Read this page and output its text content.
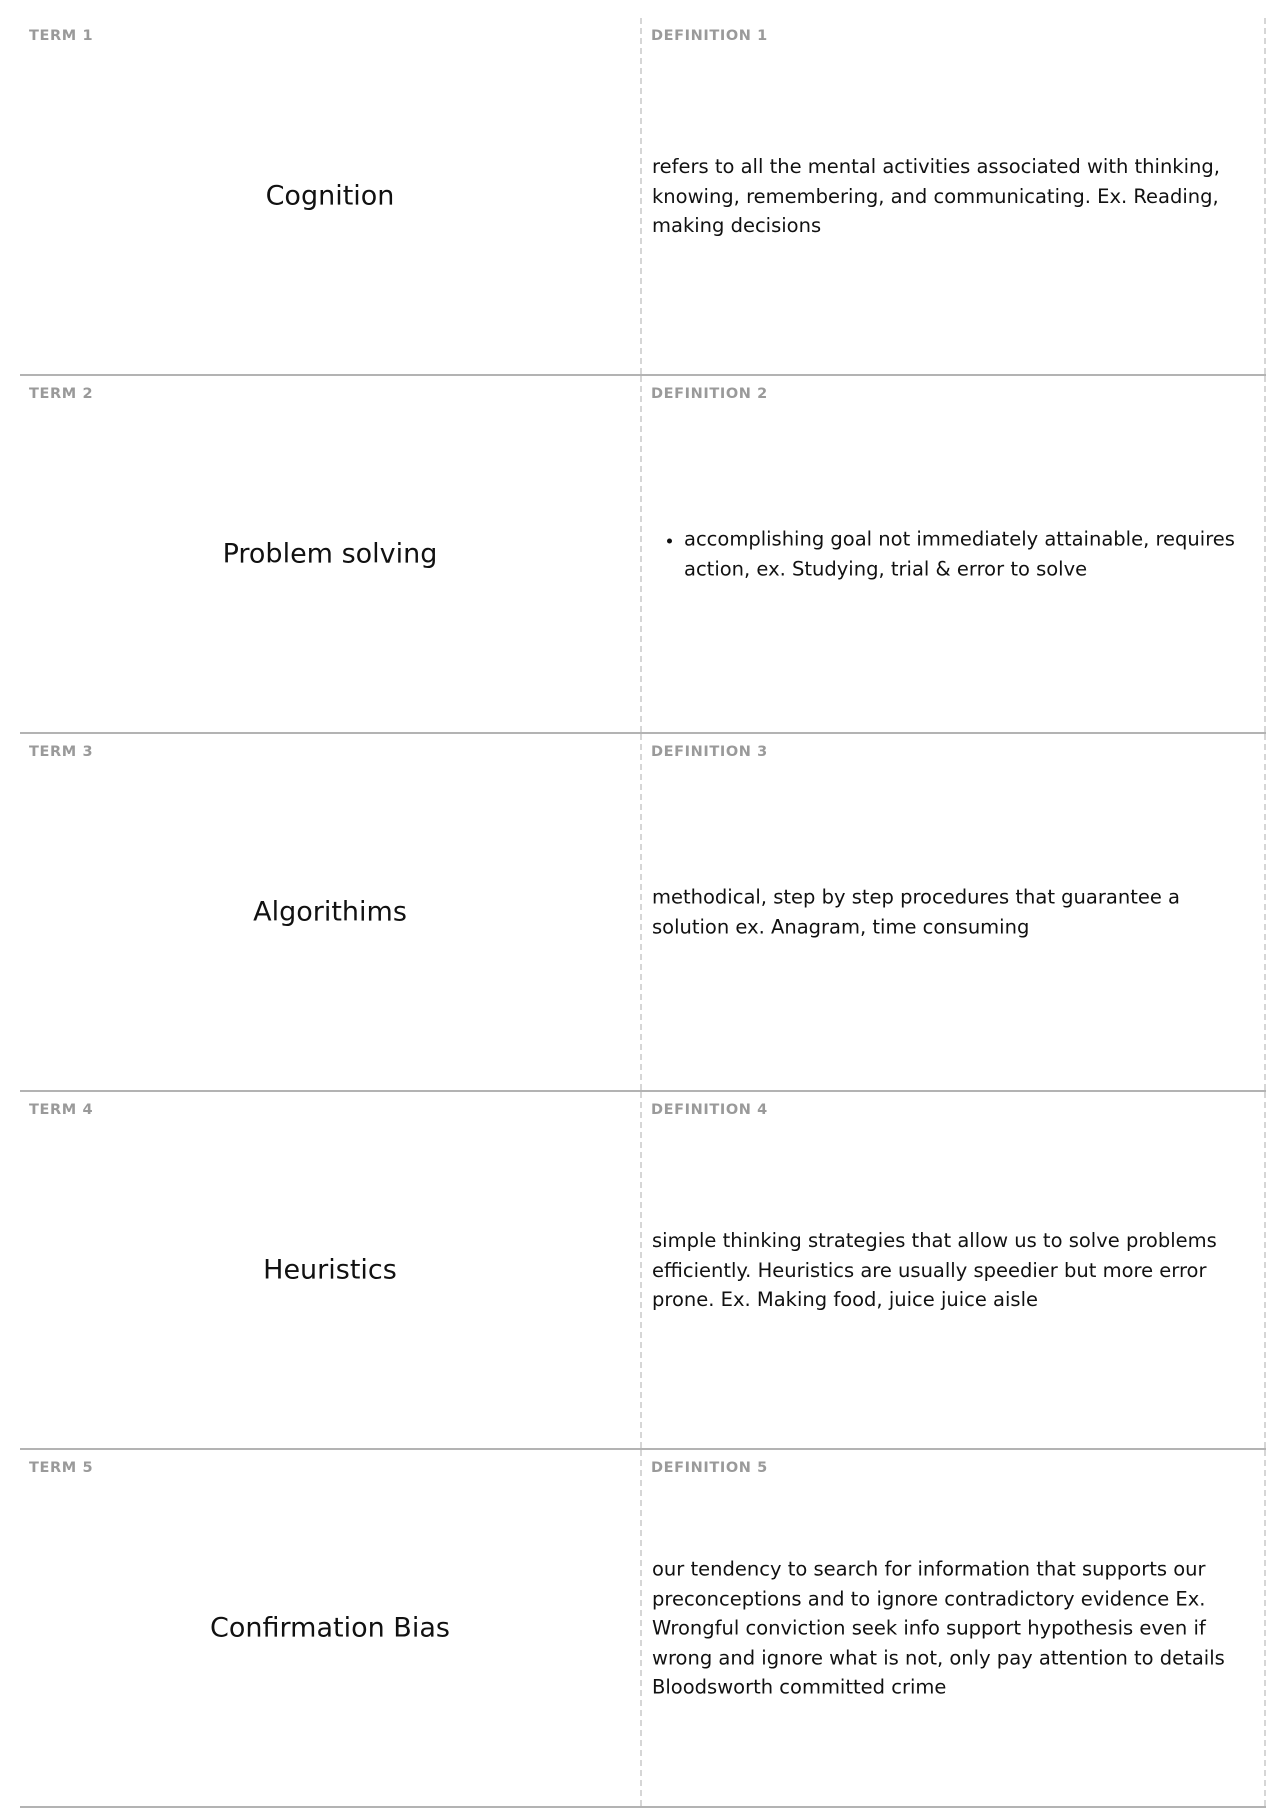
TERM 1
Cognition
DEFINITION 1
refers to all the mental activities associated with thinking, knowing, remembering, and communicating. Ex. Reading, making decisions
TERM 2
Problem solving
DEFINITION 2
• accomplishing goal not immediately attainable, requires action, ex. Studying, trial & error to solve
TERM 3
Algorithims
DEFINITION 3
methodical, step by step procedures that guarantee a solution ex. Anagram, time consuming
TERM 4
Heuristics
DEFINITION 4
simple thinking strategies that allow us to solve problems efficiently. Heuristics are usually speedier but more error prone. Ex. Making food, juice juice aisle
TERM 5
Confirmation Bias
DEFINITION 5
our tendency to search for information that supports our preconceptions and to ignore contradictory evidence Ex. Wrongful conviction seek info support hypothesis even if wrong and ignore what is not, only pay attention to details Bloodsworth committed crime
